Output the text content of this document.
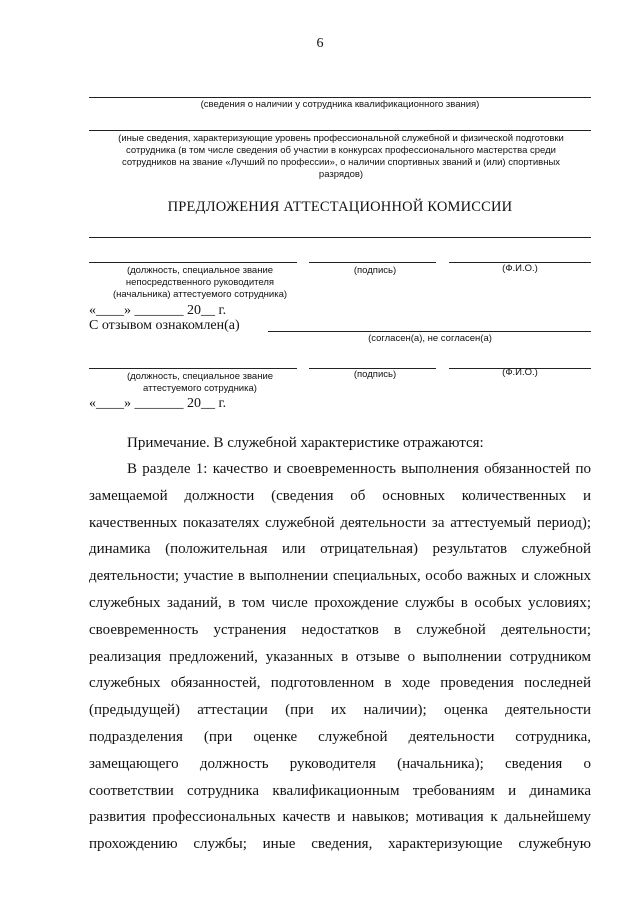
6
(сведения о наличии у сотрудника квалификационного звания)
(иные сведения, характеризующие уровень профессиональной служебной и физической подготовки сотрудника (в том числе сведения об участии в конкурсах профессионального мастерства среди сотрудников на звание «Лучший по профессии», о наличии спортивных званий и (или) спортивных разрядов)
ПРЕДЛОЖЕНИЯ АТТЕСТАЦИОННОЙ КОМИССИИ
(должность, специальное звание непосредственного руководителя (начальника) аттестуемого сотрудника)
(подпись)	(Ф.И.О.)
«____» _______ 20__ г.
С отзывом ознакомлен(а)
(согласен(а), не согласен(а)
(должность, специальное звание аттестуемого сотрудника)
(подпись)	(Ф.И.О.)
«____» _______ 20__ г.

Примечание. В служебной характеристике отражаются:

В разделе 1: качество и своевременность выполнения обязанностей по замещаемой должности (сведения об основных количественных и качественных показателях служебной деятельности за аттестуемый период); динамика (положительная или отрицательная) результатов служебной деятельности; участие в выполнении специальных, особо важных и сложных служебных заданий, в том числе прохождение службы в особых условиях; своевременность устранения недостатков в служебной деятельности; реализация предложений, указанных в отзыве о выполнении сотрудником служебных обязанностей, подготовленном в ходе проведения последней (предыдущей) аттестации (при их наличии); оценка деятельности подразделения (при оценке служебной деятельности сотрудника, замещающего должность руководителя (начальника); сведения о соответствии сотрудника квалификационным требованиям и динамика развития профессиональных качеств и навыков; мотивация к дальнейшему прохождению службы; иные сведения, характеризующие служебную
